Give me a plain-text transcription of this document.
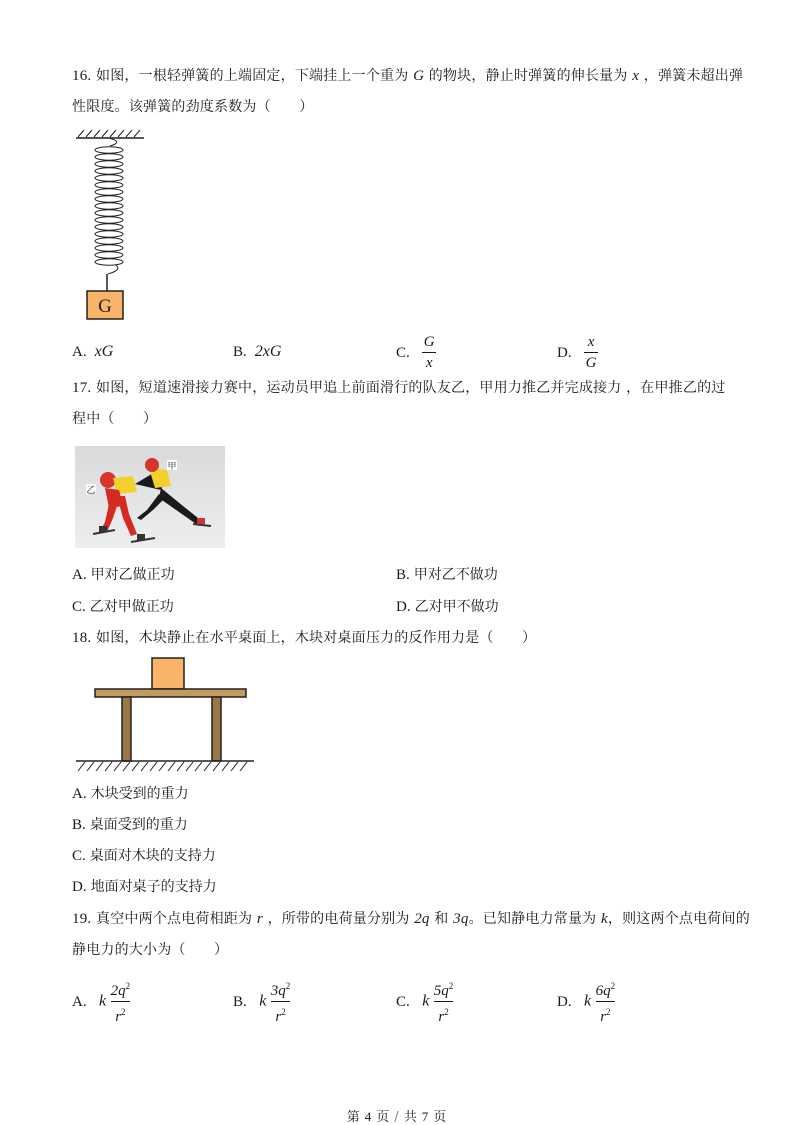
16. 如图，一根轻弹簧的上端固定，下端挂上一个重为 G 的物块，静止时弹簧的伸长量为 x ，弹簧未超出弹
性限度。该弹簧的劲度系数为（　　）
G
A. xG	B. 2xG	C. $\frac{G}{x}$	D. $\frac{x}{G}$
17. 如图，短道速滑接力赛中，运动员甲追上前面滑行的队友乙，甲用力推乙并完成接力 ，在甲推乙的过
程中（　　）
甲
乙
A. 甲对乙做正功	B. 甲对乙不做功
C. 乙对甲做正功	D. 乙对甲不做功
18. 如图，木块静止在水平桌面上，木块对桌面压力的反作用力是（　　）
A. 木块受到的重力
B. 桌面受到的重力
C. 桌面对木块的支持力
D. 地面对桌子的支持力
19. 真空中两个点电荷相距为 r ，所带的电荷量分别为 2q 和 3q。已知静电力常量为 k，则这两个点电荷间的
静电力的大小为（　　）
A. k $\frac{2q^2}{r^2}$	B. k $\frac{3q^2}{r^2}$	C. k $\frac{5q^2}{r^2}$	D. k $\frac{6q^2}{r^2}$
第 4 页 / 共 7 页
